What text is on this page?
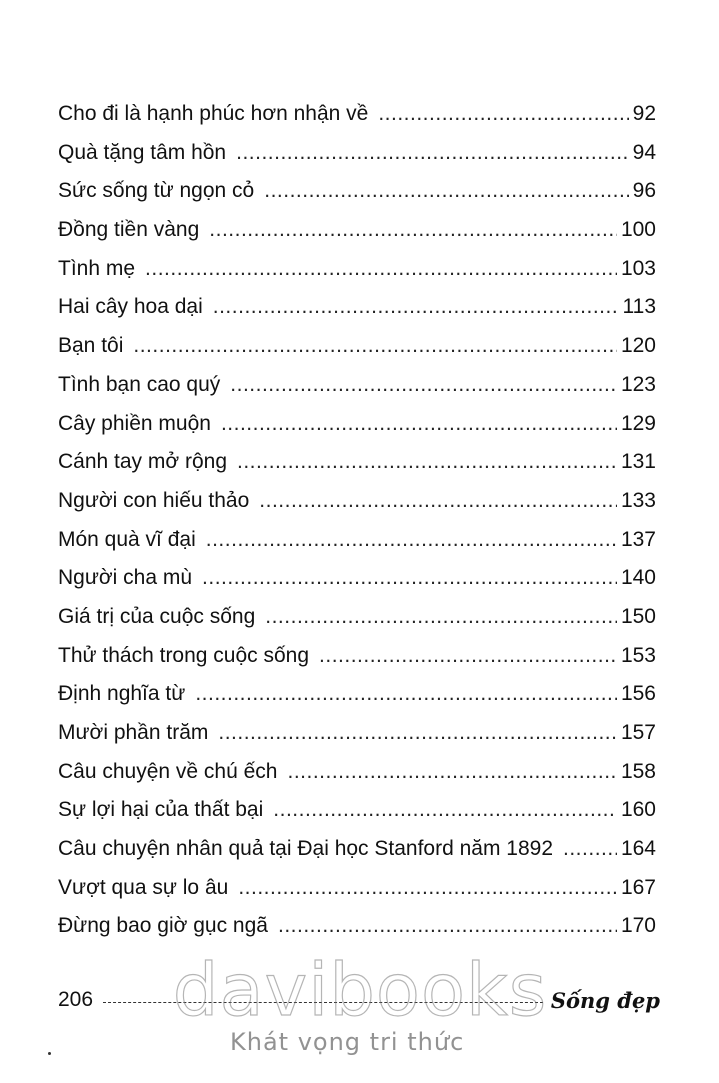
Cho đi là hạnh phúc hơn nhận về .....	92
Quà tặng tâm hồn .....	94
Sức sống từ ngọn cỏ .....	96
Đồng tiền vàng .....	100
Tình mẹ .....	103
Hai cây hoa dại .....	113
Bạn tôi .....	120
Tình bạn cao quý .....	123
Cây phiền muộn .....	129
Cánh tay mở rộng .....	131
Người con hiếu thảo .....	133
Món quà vĩ đại .....	137
Người cha mù .....	140
Giá trị của cuộc sống .....	150
Thử thách trong cuộc sống .....	153
Định nghĩa từ .....	156
Mười phần trăm .....	157
Câu chuyện về chú ếch .....	158
Sự lợi hại của thất bại .....	160
Câu chuyện nhân quả tại Đại học Stanford năm 1892 .....	164
Vượt qua sự lo âu .....	167
Đừng bao giờ gục ngã .....	170
206	Sống đẹp
davibooks
Khát vọng tri thức
